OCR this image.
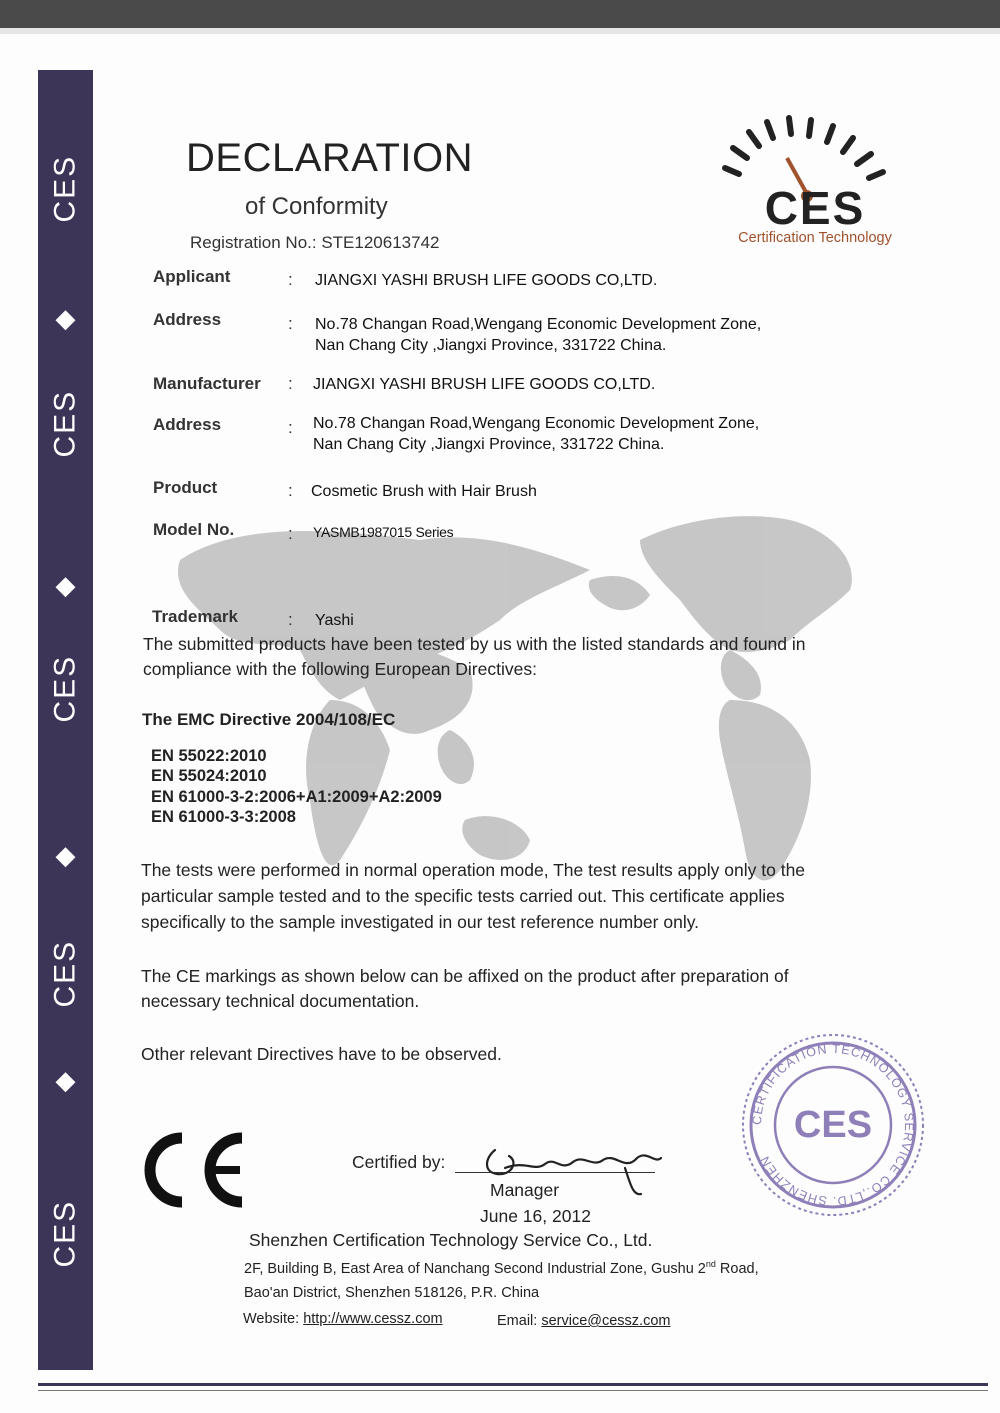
CES
◆
CES
◆
CES
◆
CES
◆
CES
DECLARATION
of Conformity
Registration No.: STE120613742
CES
Certification Technology
Applicant	: JIANGXI YASHI BRUSH LIFE GOODS CO,LTD.
Address	: No.78 Changan Road,Wengang Economic Development Zone,
Nan Chang City ,Jiangxi Province, 331722 China.
Manufacturer : JIANGXI YASHI BRUSH LIFE GOODS CO,LTD.
Address	: No.78 Changan Road,Wengang Economic Development Zone,
Nan Chang City ,Jiangxi Province, 331722 China.
Product	: Cosmetic Brush with Hair Brush
Model No.	: YASMB1987015 Series
Trademark	: Yashi
The submitted products have been tested by us with the listed standards and found in
compliance with the following European Directives:
The EMC Directive 2004/108/EC
EN 55022:2010
EN 55024:2010
EN 61000-3-2:2006+A1:2009+A2:2009
EN 61000-3-3:2008
The tests were performed in normal operation mode, The test results apply only to the
particular sample tested and to the specific tests carried out. This certificate applies
specifically to the sample investigated in our test reference number only.
The CE markings as shown below can be affixed on the product after preparation of
necessary technical documentation.
Other relevant Directives have to be observed.
CE
Certified by:
Manager
June 16, 2012
CERTIFICATION TECHNOLOGY SERVICE CO.,LTD. SHENZHEN
CES
Shenzhen Certification Technology Service Co., Ltd.
2F, Building B, East Area of Nanchang Second Industrial Zone, Gushu 2nd Road,
Bao'an District, Shenzhen 518126, P.R. China
Website: http://www.cessz.com	Email: service@cessz.com
